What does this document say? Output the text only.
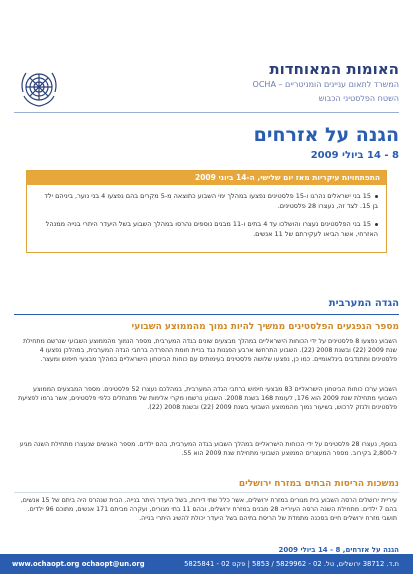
האומות המאוחדות
המשרד לתאום עניינים הומניטריים – OCHA
השטח הפלסטיני הכבוש
הגנה על אזרחים
8 - 14 ביולי 2009
התפתחויות עיקריות מאז יום שלישי, ה-14 ביוני 2009
15 בני ישראלים נהרגו ו-15 פלסטינים נפצעו במהלך ימי השבוע כתוצאה מ-5 מקרים בהם נפצעו 4 בני נוער, ביניהם ילד בן 15. לצד זה, נעצרו 28 פלסטינים.
15 בני הפלסטינים נעצרו והושלכו עד 4 בתים ו-11 מבנים נוספים נהרסו במהלך השבוע בשל היעדר היתרי בנייה ממנהל האזרחי, אשר הביאו לעקירתם של 11 אנשים.
הגדה המערבית
מספר הנפגעים הפלסטינים ממשיך להיות נמוך מהממוצע השבועי
השבוע נפצעו 8 פלסטינים על ידי הכוחות הישראליים במהלך מבצעים שונים בגדה המערבית, מספר הנמוך מהממוצע השבועי שנרשם מתחילת שנת 2009 (22) ובשנת 2008 (22). השבוע התרחשו ארבע הפגנות נגד בניית חומת ההפרדה ברחבי הגדה המערבית, במהלכן נפצעו 4 פלסטינים ומתנדבים בינלאומיים. כמו כן, נפצעו שלושה פלסטינים בעימותים עם כוחות הביטחון הישראליים במהלך מבצעי חיפוש ומעצר.
השבוע ערכו כוחות הביטחון הישראליים 83 מבצעי חיפוש ברחבי הגדה המערבית, במהלכם נעצרו 52 פלסטינים. מספר המבצעים הממוצע השבועי מתחילת שנת 2009 הוא 176, לעומת 168 בשנת 2008. השבוע נרשמו מקרי אלימות של מתנחלים כלפי פלסטינים, אשר גרמו לפציעת פלסטינים ולנזק לרכוש, בשיעור נמוך מהממוצע השבועי בשנת 2009 (22) ובשנת 2008 (22).
בנוסף, נעצרו 28 פלסטינים על ידי הכוחות הישראליים במהלך השבוע בגדה המערבית, בהם ילדים. מספר האנשים שנעצרו מתחילת השנה מגיע ל-2,800 בקירוב. מספר המעצרים הממוצע השבועי מתחילת שנת 2009 הוא 55.
נמשכות הריסות הבתים במזרח ירושלים
עיריית ירושלים הרסה השבוע בית מגורים במזרח ירושלים, אשר כלל שתי דירות, בשל היעדר היתר בנייה. הבית שנהרס היה ביתם של 15 אנשים, בהם 7 ילדים. מתחילת השנה הרסה העירייה 28 מבנים במזרח ירושלים, ובהם 11 בתי מגורים, ועקרה מביתם 171 אנשים, מתוכם 96 ילדים. תושבי מזרח ירושלים חיים בסכנה מתמדת של הריסת בתיהם בשל היעדר יכולת להשיג היתרי בנייה.
הגנה על אזרחים, 8 - 14 ביולי 2009
ת.ד. 38712 ירושלים, טל. 02 - 5829962 / 5853 | פקס 02 - 5825841
www.ochaopt.org ochaopt@un.org
